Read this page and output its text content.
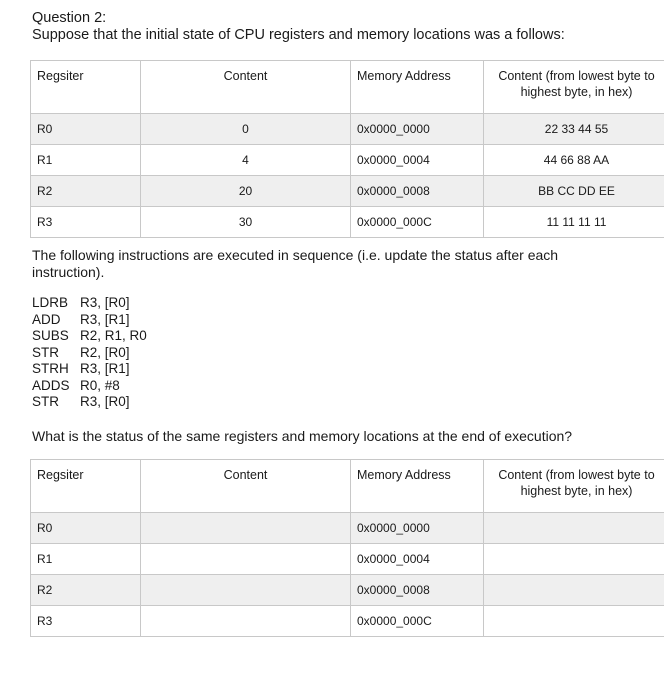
Question 2:

Suppose that the initial state of CPU registers and memory locations was a follows:

Regsiter	Content	Memory Address	Content (from lowest byte to highest byte, in hex)
R0	0	0x0000_0000	22 33 44 55
R1	4	0x0000_0004	44 66 88 AA
R2	20	0x0000_0008	BB CC DD EE
R3	30	0x0000_000C	11 11 11 11

The following instructions are executed in sequence (i.e. update the status after each instruction).

LDRB R3, [R0]
ADD	R3, [R1]
SUBS R2, R1, R0
STR	R2, [R0]
STRH R3, [R1]
ADDS R0, #8
STR	R3, [R0]

What is the status of the same registers and memory locations at the end of execution?

Regsiter	Content	Memory Address	Content (from lowest byte to highest byte, in hex)
R0		0x0000_0000	
R1		0x0000_0004	
R2		0x0000_0008	
R3		0x0000_000C	
